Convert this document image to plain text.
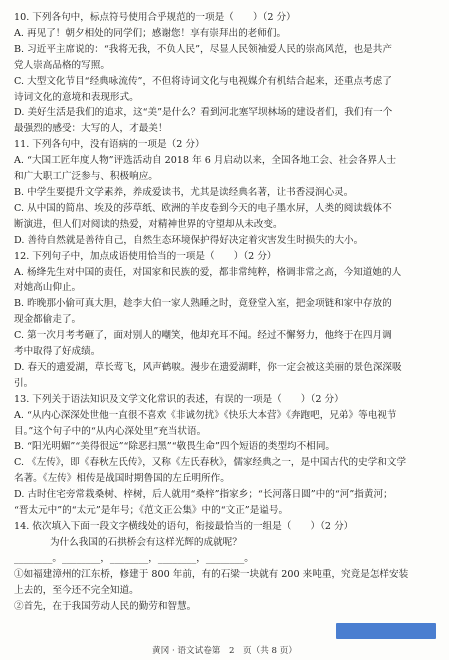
10. 下列各句中，标点符号使用合乎规范的一项是（　　）（2 分）
A. 再见了！朝夕相处的同学们；感谢您！享有崇拜出的老师们。
B. 习近平主席说的：“我将无我，不负人民”，尽显人民领袖爱人民的崇高风范，也是共产
党人崇高品格的写照。
C. 大型文化节目“经典咏流传”，不但将诗词文化与电视媒介有机结合起来，还重点考虑了
诗词文化的意境和表现形式。
D. 美好生活是我们的追求，这“美”是什么？看到河北塞罕坝林场的建设者们，我们有一个
最强烈的感受：大写的人，才最美！
11. 下列各句中，没有语病的一项是（2 分）
A. “大国工匠年度人物”评选活动自 2018 年 6 月启动以来，全国各地工会、社会各界人士
和广大职工广泛参与、积极响应。
B. 中学生要提升文学素养，养成爱读书，尤其是读经典名著，让书香浸润心灵。
C. 从中国的简帛、埃及的莎草纸、欧洲的羊皮卷到今天的电子墨水屏，人类的阅读载体不
断演进，但人们对阅读的热爱，对精神世界的守望却从未改变。
D. 善待自然就是善待自己，自然生态环境保护得好决定着灾害发生时损失的大小。
12. 下列句子中，加点成语使用恰当的一项是（　　）（2 分）
A. 杨绛先生对中国的责任，对国家和民族的爱，都非常纯粹，格调非常之高，今知道她的人
对她高山仰止。
B. 昨晚那小偷可真大胆，趁李大伯一家人熟睡之时，竟登堂入室，把金项链和家中存放的
现金都偷走了。
C. 第一次月考考砸了，面对别人的嘲笑，他却充耳不闻。经过不懈努力，他终于在四月调
考中取得了好成绩。
D. 春天的遗爱湖，草长莺飞，风声鹤唳。漫步在遗爱湖畔，你一定会被这美丽的景色深深吸
引。
13. 下列关于语法知识及文学文化常识的表述，有误的一项是（　　）（2 分）
A. “从内心深深处世他一直很不喜欢《非诚勿扰》《快乐大本营》《奔跑吧，兄弟》等电视节
目。”这个句子中的“从内心深处里”充当状语。
B. “阳光明媚”“美得很远”“除恶扫黑”“敬畏生命”四个短语的类型均不相同。
C. 《左传》，即《春秋左氏传》，又称《左氏春秋》，儒家经典之一，是中国古代的史学和文学
名著。《左传》相传是战国时期鲁国的左丘明所作。
D. 古时住宅旁常栽桑树、梓树，后人就用“桑梓”指家乡；“长河落日圆”中的“河”指黄河；
“晋太元中”的“太元”是年号；《范文正公集》中的“文正”是谥号。
14. 依次填入下面一段文字横线处的语句，衔接最恰当的一组是（　　）（2 分）
为什么我国的石拱桥会有这样光辉的成就呢？
________。________，________，________，________。
①如福建漳州的江东桥，修建于 800 年前，有的石梁一块就有 200 来吨重，究竟是怎样安装
上去的，至今还不完全知道。
②首先，在于我国劳动人民的勤劳和智慧。
黄冈 · 语文试卷第　2　页（共 8 页）
